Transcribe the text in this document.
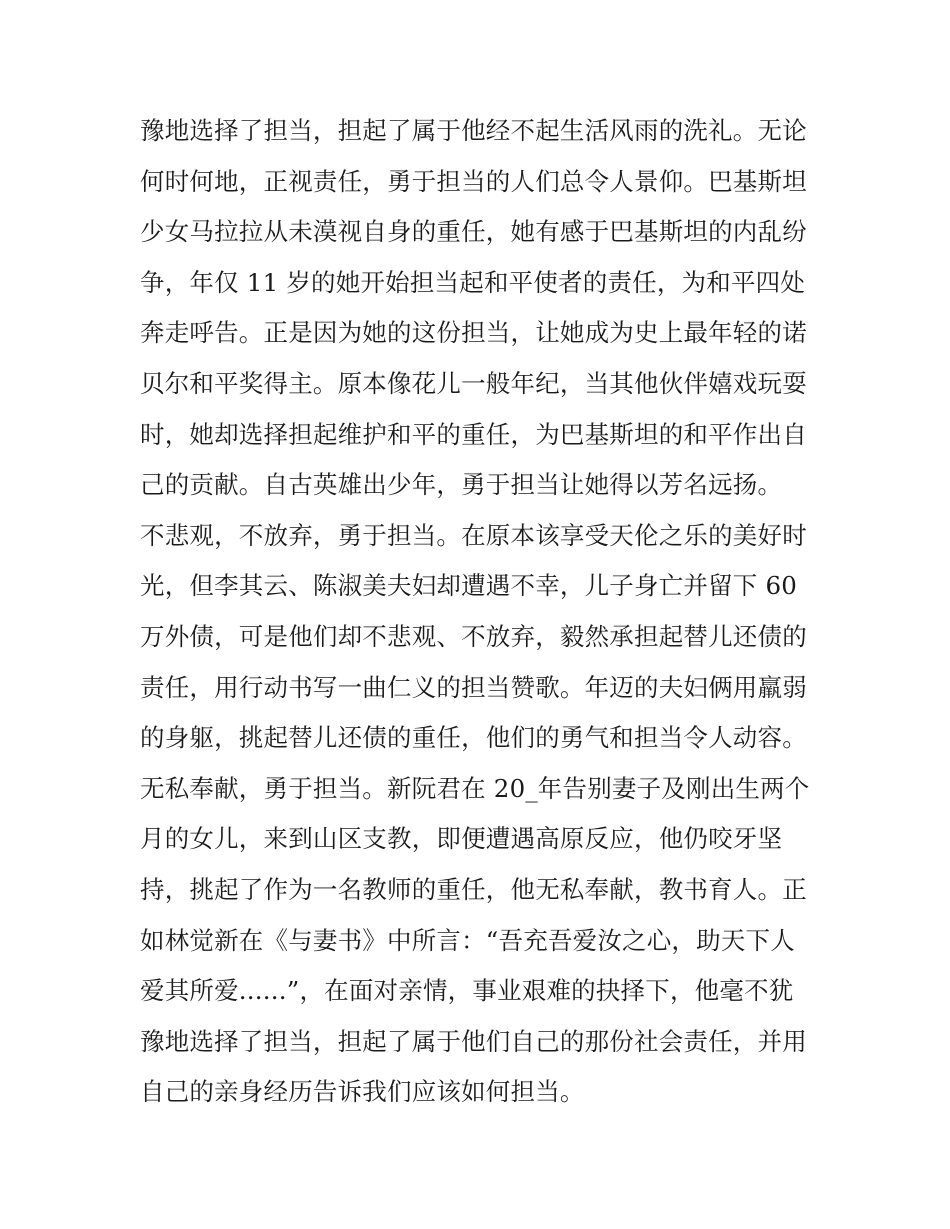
豫地选择了担当，担起了属于他经不起生活风雨的洗礼。无论
何时何地，正视责任，勇于担当的人们总令人景仰。巴基斯坦
少女马拉拉从未漠视自身的重任，她有感于巴基斯坦的内乱纷
争，年仅 11 岁的她开始担当起和平使者的责任，为和平四处
奔走呼告。正是因为她的这份担当，让她成为史上最年轻的诺
贝尔和平奖得主。原本像花儿一般年纪，当其他伙伴嬉戏玩耍
时，她却选择担起维护和平的重任，为巴基斯坦的和平作出自
己的贡献。自古英雄出少年，勇于担当让她得以芳名远扬。
不悲观，不放弃，勇于担当。在原本该享受天伦之乐的美好时
光，但李其云、陈淑美夫妇却遭遇不幸，儿子身亡并留下 60
万外债，可是他们却不悲观、不放弃，毅然承担起替儿还债的
责任，用行动书写一曲仁义的担当赞歌。年迈的夫妇俩用羸弱
的身躯，挑起替儿还债的重任，他们的勇气和担当令人动容。
无私奉献，勇于担当。新阮君在 20_年告别妻子及刚出生两个
月的女儿，来到山区支教，即便遭遇高原反应，他仍咬牙坚
持，挑起了作为一名教师的重任，他无私奉献，教书育人。正
如林觉新在《与妻书》中所言：“吾充吾爱汝之心，助天下人
爱其所爱......”，在面对亲情，事业艰难的抉择下，他毫不犹
豫地选择了担当，担起了属于他们自己的那份社会责任，并用
自己的亲身经历告诉我们应该如何担当。
